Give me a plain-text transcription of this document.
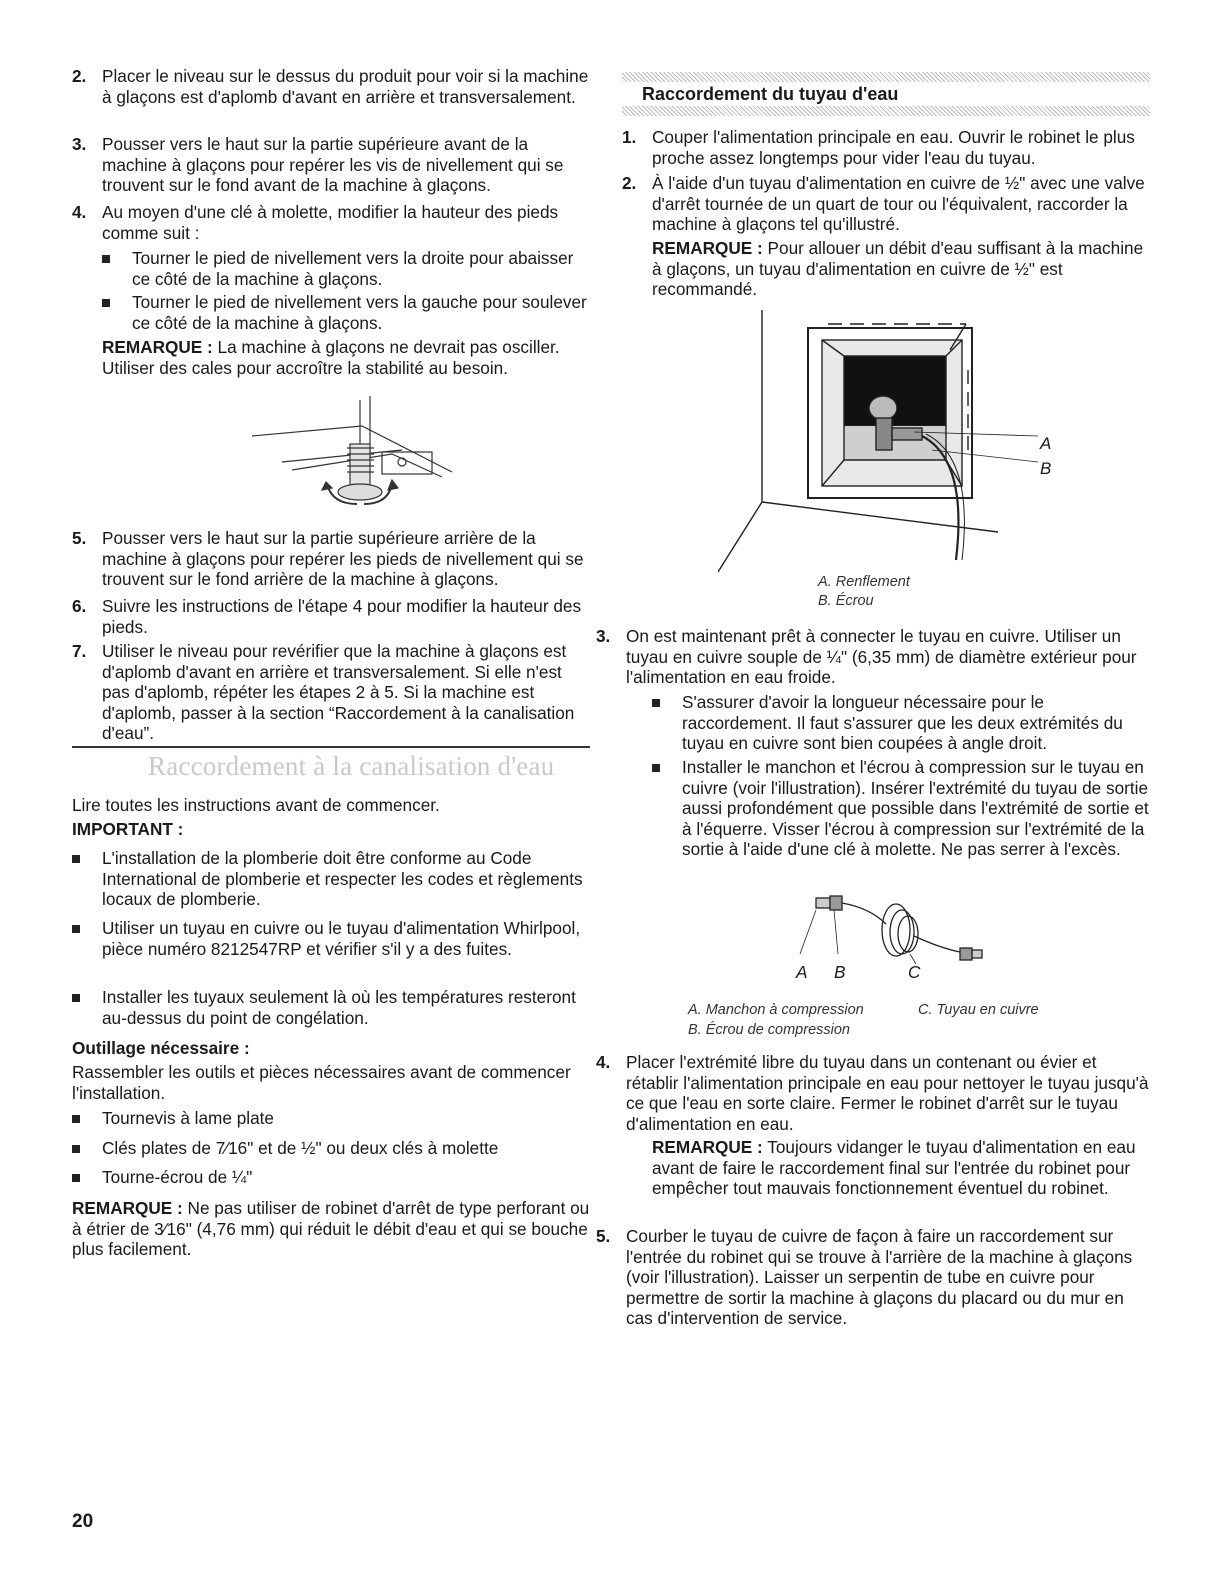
2. Placer le niveau sur le dessus du produit pour voir si la machine à glaçons est d'aplomb d'avant en arrière et transversalement.
3. Pousser vers le haut sur la partie supérieure avant de la machine à glaçons pour repérer les vis de nivellement qui se trouvent sur le fond avant de la machine à glaçons.
4. Au moyen d'une clé à molette, modifier la hauteur des pieds comme suit :
Tourner le pied de nivellement vers la droite pour abaisser ce côté de la machine à glaçons.
Tourner le pied de nivellement vers la gauche pour soulever ce côté de la machine à glaçons.
REMARQUE : La machine à glaçons ne devrait pas osciller. Utiliser des cales pour accroître la stabilité au besoin.
5. Pousser vers le haut sur la partie supérieure arrière de la machine à glaçons pour repérer les pieds de nivellement qui se trouvent sur le fond arrière de la machine à glaçons.
6. Suivre les instructions de l'étape 4 pour modifier la hauteur des pieds.
7. Utiliser le niveau pour revérifier que la machine à glaçons est d'aplomb d'avant en arrière et transversalement. Si elle n'est pas d'aplomb, répéter les étapes 2 à 5. Si la machine est d'aplomb, passer à la section “Raccordement à la canalisation d'eau”.
Raccordement à la canalisation d'eau
Lire toutes les instructions avant de commencer.
IMPORTANT :
L'installation de la plomberie doit être conforme au Code International de plomberie et respecter les codes et règlements locaux de plomberie.
Utiliser un tuyau en cuivre ou le tuyau d'alimentation Whirlpool, pièce numéro 8212547RP et vérifier s'il y a des fuites.
Installer les tuyaux seulement là où les températures resteront au-dessus du point de congélation.
Outillage nécessaire :
Rassembler les outils et pièces nécessaires avant de commencer l'installation.
Tournevis à lame plate
Clés plates de 7⁄16" et de ½" ou deux clés à molette
Tourne-écrou de ¼"
REMARQUE : Ne pas utiliser de robinet d'arrêt de type perforant ou à étrier de 3⁄16" (4,76 mm) qui réduit le débit d'eau et qui se bouche plus facilement.
Raccordement du tuyau d'eau
1. Couper l'alimentation principale en eau. Ouvrir le robinet le plus proche assez longtemps pour vider l'eau du tuyau.
2. À l'aide d'un tuyau d'alimentation en cuivre de ½" avec une valve d'arrêt tournée de un quart de tour ou l'équivalent, raccorder la machine à glaçons tel qu'illustré.
REMARQUE : Pour allouer un débit d'eau suffisant à la machine à glaçons, un tuyau d'alimentation en cuivre de ½" est recommandé.
A
B
A. Renflement
B. Écrou
3. On est maintenant prêt à connecter le tuyau en cuivre. Utiliser un tuyau en cuivre souple de ¼" (6,35 mm) de diamètre extérieur pour l'alimentation en eau froide.
S'assurer d'avoir la longueur nécessaire pour le raccordement. Il faut s'assurer que les deux extrémités du tuyau en cuivre sont bien coupées à angle droit.
Installer le manchon et l'écrou à compression sur le tuyau en cuivre (voir l'illustration). Insérer l'extrémité du tuyau de sortie aussi profondément que possible dans l'extrémité de sortie et à l'équerre. Visser l'écrou à compression sur l'extrémité de la sortie à l'aide d'une clé à molette. Ne pas serrer à l'excès.
A B	C
A. Manchon à compression
B. Écrou de compression
C. Tuyau en cuivre
4. Placer l'extrémité libre du tuyau dans un contenant ou évier et rétablir l'alimentation principale en eau pour nettoyer le tuyau jusqu'à ce que l'eau en sorte claire. Fermer le robinet d'arrêt sur le tuyau d'alimentation en eau.
REMARQUE : Toujours vidanger le tuyau d'alimentation en eau avant de faire le raccordement final sur l'entrée du robinet pour empêcher tout mauvais fonctionnement éventuel du robinet.
5. Courber le tuyau de cuivre de façon à faire un raccordement sur l'entrée du robinet qui se trouve à l'arrière de la machine à glaçons (voir l'illustration). Laisser un serpentin de tube en cuivre pour permettre de sortir la machine à glaçons du placard ou du mur en cas d'intervention de service.
20
